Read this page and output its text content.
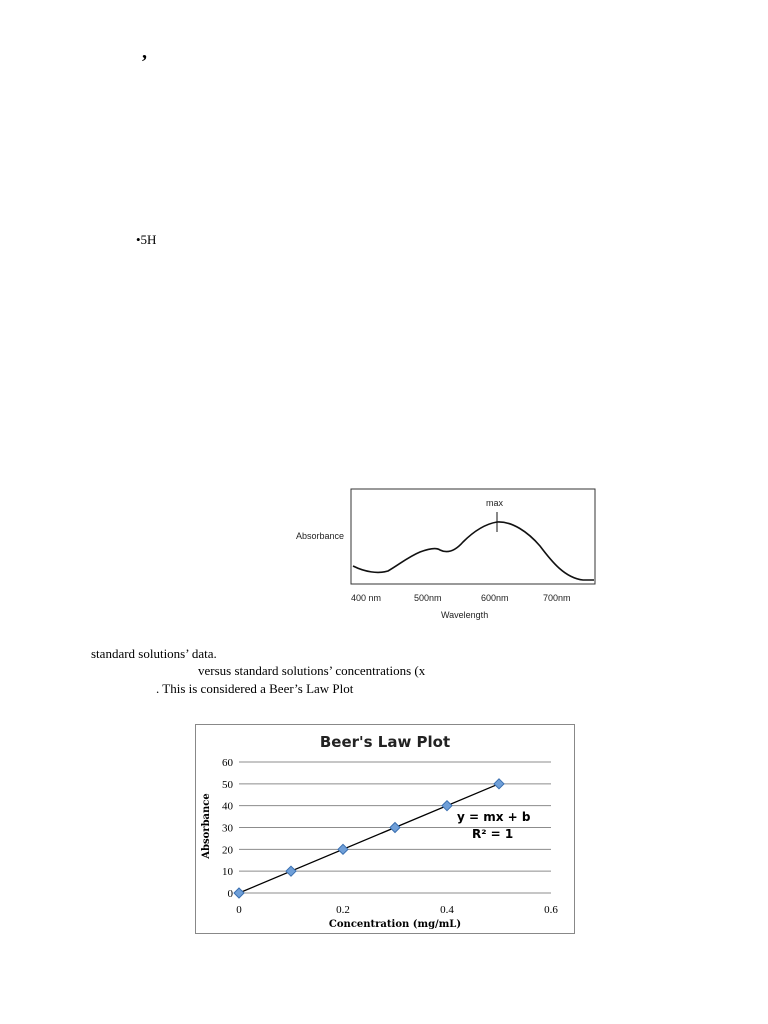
,
•5H
max
Absorbance
400 nm	500nm	600nm	700nm
Wavelength
standard solutions’ data.
versus standard solutions’ concentrations (x
. This is considered a Beer’s Law Plot
Beer's Law Plot
0
10
20
30
40
50
60
0	0.2	0.4	0.6
Absorbance
Concentration (mg/mL)
y = mx + b
R² = 1
